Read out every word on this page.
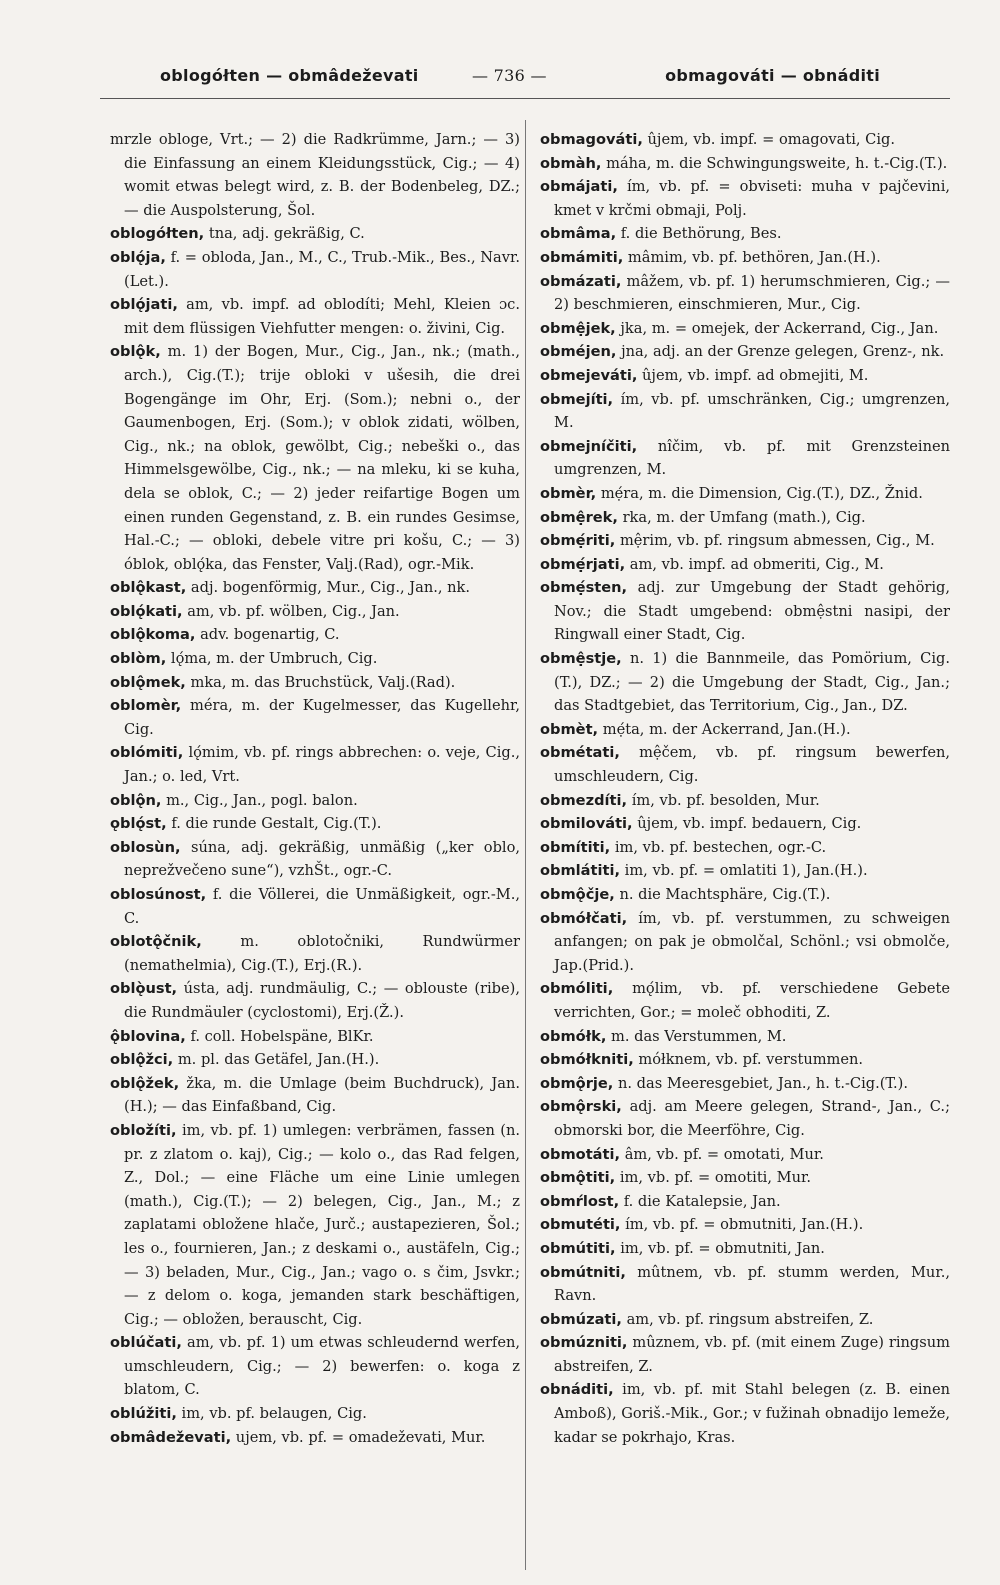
oblogółten — obmâdeževati	— 736 —	obmagováti — obnáditi

mrzle obloge, Vrt.; — 2) die Radkrümme, Jarn.; — 3) die Einfassung an einem Kleidungsstück, Cig.; — 4) womit etwas belegt wird, z. B. der Bodenbeleg, DZ.; — die Auspolsterung, Šol.

oblogółten, tna, adj. gekräßig, C.

oblǫ́ja, f. = obloda, Jan., M., C., Trub.-Mik., Bes., Navr.(Let.).

oblǫ́jati, am, vb. impf. ad oblodíti; Mehl, Kleien ɔc. mit dem flüssigen Viehfutter mengen: o. živini, Cig.

oblǫ̂k, m. 1) der Bogen, Mur., Cig., Jan., nk.; (math., arch.), Cig.(T.); trije obloki v ušesih, die drei Bogengänge im Ohr, Erj. (Som.); nebni o., der Gaumenbogen, Erj. (Som.); v oblok zidati, wölben, Cig., nk.; na oblok, gewölbt, Cig.; nebeški o., das Himmelsgewölbe, Cig., nk.; — na mleku, ki se kuha, dela se oblok, C.; — 2) jeder reifartige Bogen um einen runden Gegenstand, z. B. ein rundes Gesimse, Hal.-C.; — obloki, debele vitre pri košu, C.; — 3) óblok, oblǫ́ka, das Fenster, Valj.(Rad), ogr.-Mik.

oblǫ̂kast, adj. bogenförmig, Mur., Cig., Jan., nk.

oblǫ́kati, am, vb. pf. wölben, Cig., Jan.

oblǫ̂koma, adv. bogenartig, C.

oblòm, lǫ́ma, m. der Umbruch, Cig.

oblǫ̂mek, mka, m. das Bruchstück, Valj.(Rad).

oblomèr, méra, m. der Kugelmesser, das Kugellehr, Cig.

oblómiti, lǫ́mim, vb. pf. rings abbrechen: o. veje, Cig., Jan.; o. led, Vrt.

oblǫ̂n, m., Cig., Jan., pogl. balon.

ǫblǫ́st, f. die runde Gestalt, Cig.(T.).

oblosùn, súna, adj. gekräßig, unmäßig („ker oblo, neprežvečeno sune“), vzhŠt., ogr.-C.

oblosúnost, f. die Völlerei, die Unmäßigkeit, ogr.-M., C.

oblotǫ̂čnik,	m. oblotočniki, Rundwürmer (nemathelmia), Cig.(T.), Erj.(R.).

oblǫ̀ust, ústa, adj. rundmäulig, C.; — oblouste (ribe), die Rundmäuler (cyclostomi), Erj.(Ž.).

ǫ̂blovina, f. coll. Hobelspäne, BlKr.

oblǫ̂žci, m. pl. das Getäfel, Jan.(H.).

oblǫ̂žek, žka, m. die Umlage (beim Buchdruck), Jan.(H.); — das Einfaßband, Cig.

obložíti, im, vb. pf. 1) umlegen: verbrämen, fassen (n. pr. z zlatom o. kaj), Cig.; — kolo o., das Rad felgen, Z., Dol.; — eine Fläche um eine Linie umlegen (math.), Cig.(T.); — 2) belegen, Cig., Jan., M.; z zaplatami obložene hlače, Jurč.; austapezieren, Šol.; les o., fournieren, Jan.; z deskami o., austäfeln, Cig.; — 3) beladen, Mur., Cig., Jan.; vago o. s čim, Jsvkr.; — z delom o. koga, jemanden stark beschäftigen, Cig.; — obložen, berauscht, Cig.

oblúčati, am, vb. pf. 1) um etwas schleudernd werfen, umschleudern, Cig.; — 2) bewerfen: o. koga z blatom, C.

oblúžiti, im, vb. pf. belaugen, Cig.

obmâdeževati, ujem, vb. pf. = omadeževati, Mur.

obmagováti, ûjem, vb. impf. = omagovati, Cig.

obmàh, máha, m. die Schwingungsweite, h. t.-Cig.(T.).

obmájati, ím, vb. pf. = obviseti: muha v pajčevini, kmet v krčmi obmaji, Polj.

obmâma, f. die Bethörung, Bes.

obmámiti, mâmim, vb. pf. bethören, Jan.(H.).

obmázati, mâžem, vb. pf. 1) herumschmieren, Cig.; — 2) beschmieren, einschmieren, Mur., Cig.

obmệjek, jka, m. = omejek, der Ackerrand, Cig., Jan.

obméjen, jna, adj. an der Grenze gelegen, Grenz-, nk.

obmejeváti, ûjem, vb. impf. ad obmejiti, M.

obmejíti, ím, vb. pf. umschränken, Cig.; umgrenzen, M.

obmejníčiti, nîčim, vb. pf. mit Grenzsteinen umgrenzen, M.

obmèr, mẹ́ra, m. die Dimension, Cig.(T.), DZ., Žnid.

obmệrek, rka, m. der Umfang (math.), Cig.

obmẹ́riti, mệrim, vb. pf. ringsum abmessen, Cig., M.

obmẹ́rjati, am, vb. impf. ad obmeriti, Cig., M.

obmẹ́sten, adj. zur Umgebung der Stadt gehörig, Nov.; die Stadt umgebend: obmệstni nasipi, der Ringwall einer Stadt, Cig.

obmệstje, n. 1) die Bannmeile, das Pomörium, Cig.(T.), DZ.; — 2) die Umgebung der Stadt, Cig., Jan.; das Stadtgebiet, das Territorium, Cig., Jan., DZ.

obmèt, mẹ́ta, m. der Ackerrand, Jan.(H.).

obmétati, mệčem, vb. pf. ringsum bewerfen, umschleudern, Cig.

obmezdíti, ím, vb. pf. besolden, Mur.

obmilováti, ûjem, vb. impf. bedauern, Cig.

obmítiti, im, vb. pf. bestechen, ogr.-C.

obmlátiti, im, vb. pf. = omlatiti 1), Jan.(H.).

obmǫ̂čje, n. die Machtsphäre, Cig.(T.).

obmółčati, ím, vb. pf. verstummen, zu schweigen anfangen; on pak je obmolčal, Schönl.; vsi obmolče, Jap.(Prid.).

obmóliti, mǫ́lim, vb. pf. verschiedene Gebete verrichten, Gor.; = moleč obhoditi, Z.

obmółk, m. das Verstummen, M.

obmółkniti, mółknem, vb. pf. verstummen.

obmǫ̂rje, n. das Meeresgebiet, Jan., h. t.-Cig.(T.).

obmǫ̂rski, adj. am Meere gelegen, Strand-, Jan., C.; obmorski bor, die Meerföhre, Cig.

obmotáti, âm, vb. pf. = omotati, Mur.

obmǫ̂titi, im, vb. pf. = omotiti, Mur.

obmŕlost, f. die Katalepsie, Jan.

obmutéti, ím, vb. pf. = obmutniti, Jan.(H.).

obmútiti, im, vb. pf. = obmutniti, Jan.

obmútniti, mûtnem, vb. pf. stumm werden, Mur., Ravn.

obmúzati, am, vb. pf. ringsum abstreifen, Z.

obmúzniti, mûznem, vb. pf. (mit einem Zuge) ringsum abstreifen, Z.

obnáditi, im, vb. pf. mit Stahl belegen (z. B. einen Amboß), Goriš.-Mik., Gor.; v fužinah obnadijo lemeže, kadar se pokrhajo, Kras.
